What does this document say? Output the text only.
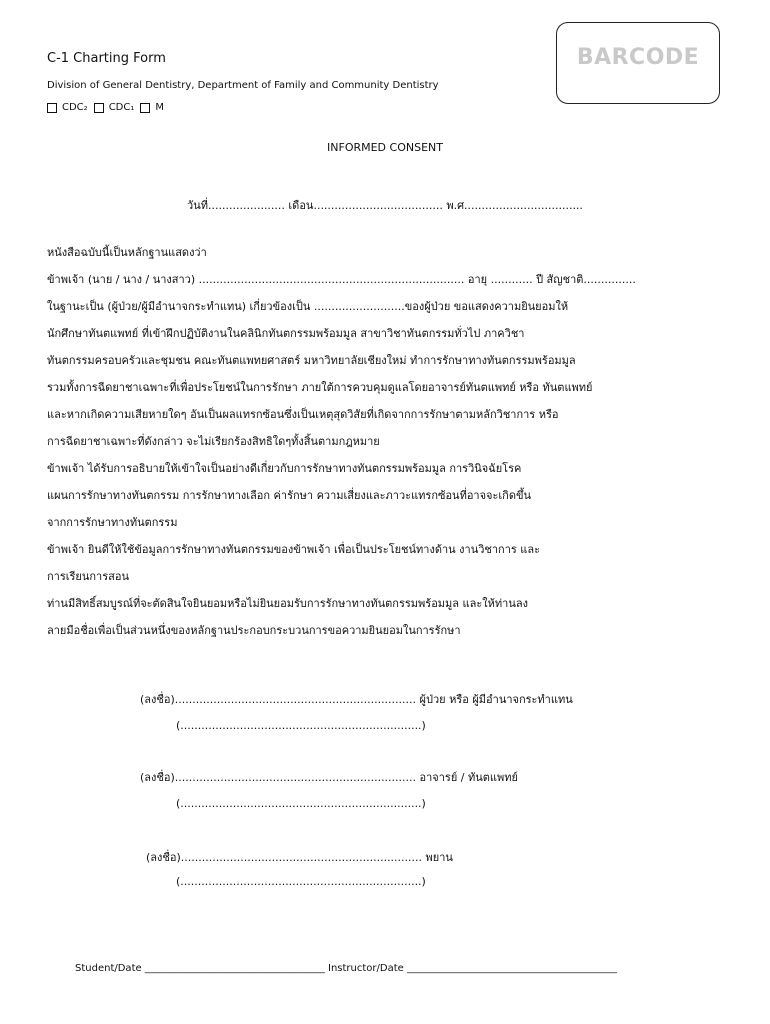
C-1 Charting Form
Division of General Dentistry, Department of Family and Community Dentistry
CDC₂ CDC₁ M
BARCODE
INFORMED CONSENT
วันที่...................... เดือน..................................... พ.ศ..................................
หนังสือฉบับนี้เป็นหลักฐานแสดงว่า
ข้าพเจ้า (นาย / นาง / นางสาว) ............................................................................ อายุ ............ ปี สัญชาติ...............
ในฐานะเป็น (ผู้ป่วย/ผู้มีอำนาจกระทำแทน) เกี่ยวข้องเป็น ..........................ของผู้ป่วย ขอแสดงความยินยอมให้
นักศึกษาทันตแพทย์ ที่เข้าฝึกปฏิบัติงานในคลินิกทันตกรรมพร้อมมูล สาขาวิชาทันตกรรมทั่วไป ภาควิชา
ทันตกรรมครอบครัวและชุมชน คณะทันตแพทยศาสตร์ มหาวิทยาลัยเชียงใหม่ ทำการรักษาทางทันตกรรมพร้อมมูล
รวมทั้งการฉีดยาชาเฉพาะที่เพื่อประโยชน์ในการรักษา ภายใต้การควบคุมดูแลโดยอาจารย์ทันตแพทย์ หรือ ทันตแพทย์
และหากเกิดความเสียหายใดๆ อันเป็นผลแทรกซ้อนซึ่งเป็นเหตุสุดวิสัยที่เกิดจากการรักษาตามหลักวิชาการ หรือ
การฉีดยาชาเฉพาะที่ดังกล่าว จะไม่เรียกร้องสิทธิใดๆทั้งสิ้นตามกฎหมาย
ข้าพเจ้า ได้รับการอธิบายให้เข้าใจเป็นอย่างดีเกี่ยวกับการรักษาทางทันตกรรมพร้อมมูล การวินิจฉัยโรค
แผนการรักษาทางทันตกรรม การรักษาทางเลือก ค่ารักษา ความเสี่ยงและภาวะแทรกซ้อนที่อาจจะเกิดขึ้น
จากการรักษาทางทันตกรรม
ข้าพเจ้า ยินดีให้ใช้ข้อมูลการรักษาทางทันตกรรมของข้าพเจ้า เพื่อเป็นประโยชน์ทางด้าน งานวิชาการ และ
การเรียนการสอน
ท่านมีสิทธิ์สมบูรณ์ที่จะตัดสินใจยินยอมหรือไม่ยินยอมรับการรักษาทางทันตกรรมพร้อมมูล และให้ท่านลง
ลายมือชื่อเพื่อเป็นส่วนหนึ่งของหลักฐานประกอบกระบวนการขอความยินยอมในการรักษา
(ลงชื่อ)..................................................................... ผู้ป่วย หรือ ผู้มีอำนาจกระทำแทน
(.....................................................................)
(ลงชื่อ)..................................................................... อาจารย์ / ทันตแพทย์
(.....................................................................)
(ลงชื่อ)..................................................................... พยาน
(.....................................................................)
Student/Date ____________________________________ Instructor/Date __________________________________________
